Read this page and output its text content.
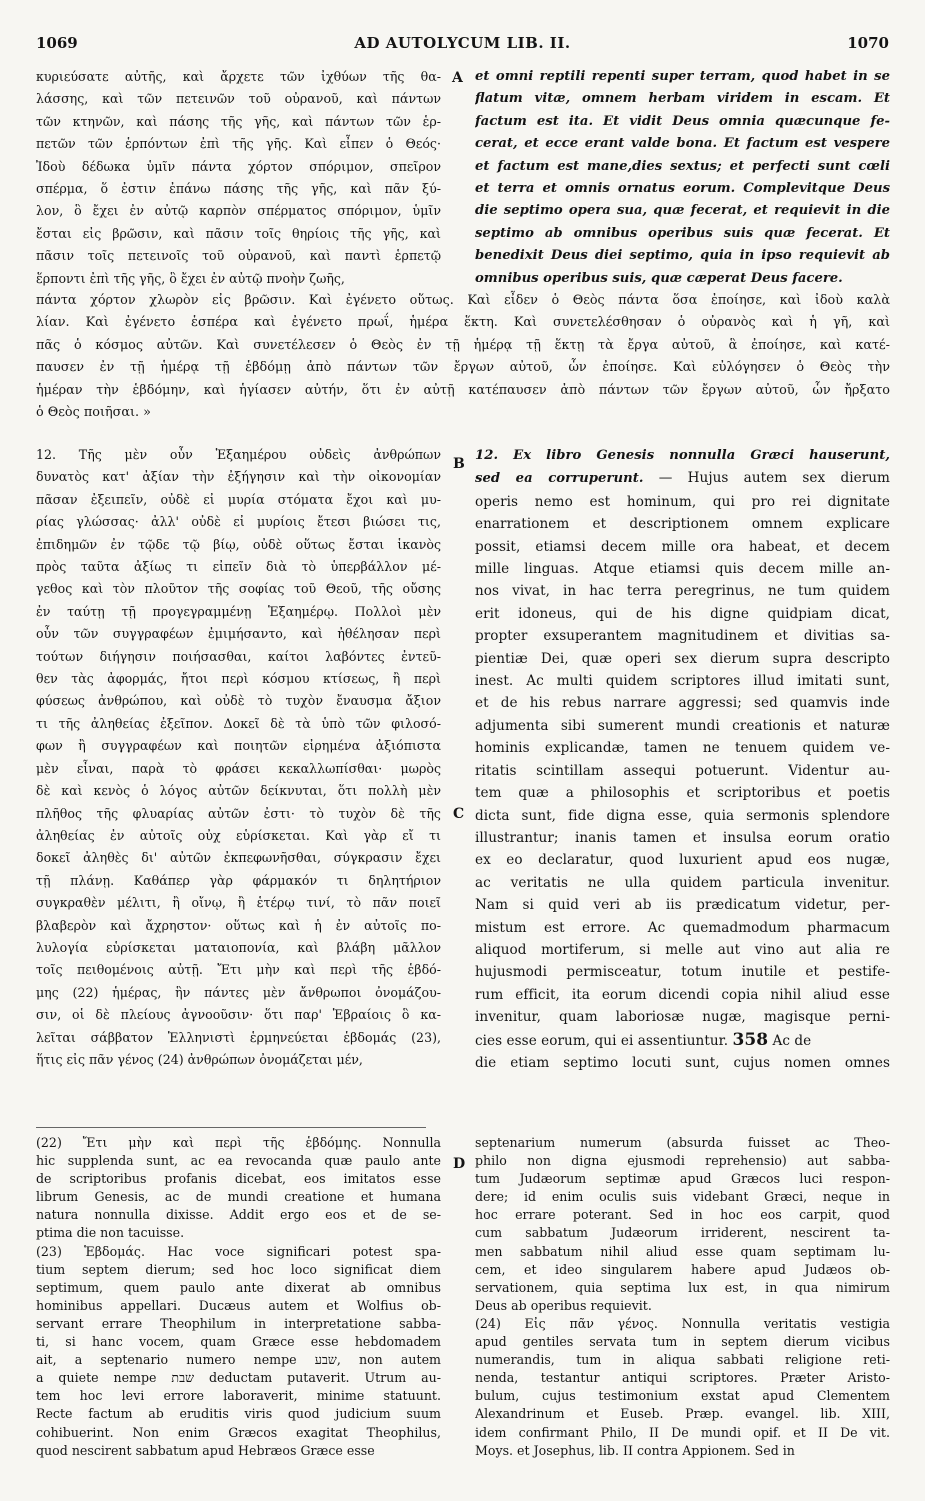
1069	AD AUTOLYCUM LIB. II.	1070
κυριεύσατε αὐτῆς, καὶ ἄρχετε τῶν ἰχθύων τῆς θα-
λάσσης, καὶ τῶν πετεινῶν τοῦ οὐρανοῦ, καὶ πάντων
τῶν κτηνῶν, καὶ πάσης τῆς γῆς, καὶ πάντων τῶν ἑρ-
πετῶν τῶν ἑρπόντων ἐπὶ τῆς γῆς. Καὶ εἶπεν ὁ Θεός·
Ἰδοὺ δέδωκα ὑμῖν πάντα χόρτον σπόριμον, σπεῖρον
σπέρμα, ὅ ἐστιν ἐπάνω πάσης τῆς γῆς, καὶ πᾶν ξύ-
λον, ὃ ἔχει ἐν αὐτῷ καρπὸν σπέρματος σπόριμον, ὑμῖν
ἔσται εἰς βρῶσιν, καὶ πᾶσιν τοῖς θηρίοις τῆς γῆς, καὶ
πᾶσιν τοῖς πετεινοῖς τοῦ οὐρανοῦ, καὶ παντὶ ἑρπετῷ
ἕρποντι ἐπὶ τῆς γῆς, ὃ ἔχει ἐν αὐτῷ πνοὴν ζωῆς,
A et omni reptili repenti super terram, quod habet in se
flatum vitæ, omnem herbam viridem in escam. Et
factum est ita. Et vidit Deus omnia quæcunque fe-
cerat, et ecce erant valde bona. Et factum est vespere
et factum est mane,dies sextus; et perfecti sunt cœli
et terra et omnis ornatus eorum. Complevitque Deus
die septimo opera sua, quæ fecerat, et requievit in die
septimo ab omnibus operibus suis quæ fecerat. Et
benedixit Deus diei septimo, quia in ipso requievit ab
omnibus operibus suis, quæ cæperat Deus facere.
πάντα χόρτον χλωρὸν εἰς βρῶσιν. Καὶ ἐγένετο οὕτως. Καὶ εἶδεν ὁ Θεὸς πάντα ὅσα ἐποίησε, καὶ ἰδοὺ καλὰ
λίαν. Καὶ ἐγένετο ἑσπέρα καὶ ἐγένετο πρωΐ, ἡμέρα ἕκτη. Καὶ συνετελέσθησαν ὁ οὐρανὸς καὶ ἡ γῆ, καὶ
πᾶς ὁ κόσμος αὐτῶν. Καὶ συνετέλεσεν ὁ Θεὸς ἐν τῇ ἡμέρᾳ τῇ ἕκτῃ τὰ ἔργα αὐτοῦ, ἃ ἐποίησε, καὶ κατέ-
παυσεν ἐν τῇ ἡμέρᾳ τῇ ἑβδόμῃ ἀπὸ πάντων τῶν ἔργων αὐτοῦ, ὧν ἐποίησε. Καὶ εὐλόγησεν ὁ Θεὸς τὴν
ἡμέραν τὴν ἑβδόμην, καὶ ἡγίασεν αὐτήν, ὅτι ἐν αὐτῇ κατέπαυσεν ἀπὸ πάντων τῶν ἔργων αὐτοῦ, ὧν ἤρξατο
ὁ Θεὸς ποιῆσαι. »
12. Τῆς μὲν οὖν Ἑξαημέρου οὐδεὶς ἀνθρώπων
δυνατὸς κατ' ἀξίαν τὴν ἐξήγησιν καὶ τὴν οἰκονομίαν
πᾶσαν ἐξειπεῖν, οὐδὲ εἰ μυρία στόματα ἔχοι καὶ μυ-
ρίας γλώσσας· ἀλλ' οὐδὲ εἰ μυρίοις ἔτεσι βιώσει τις,
ἐπιδημῶν ἐν τῷδε τῷ βίῳ, οὐδὲ οὕτως ἔσται ἱκανὸς
πρὸς ταῦτα ἀξίως τι εἰπεῖν διὰ τὸ ὑπερβάλλον μέ-
γεθος καὶ τὸν πλοῦτον τῆς σοφίας τοῦ Θεοῦ, τῆς οὔσης
ἐν ταύτῃ τῇ προγεγραμμένῃ Ἑξαημέρῳ. Πολλοὶ μὲν
οὖν τῶν συγγραφέων ἐμιμήσαντο, καὶ ἠθέλησαν περὶ
τούτων διήγησιν ποιήσασθαι, καίτοι λαβόντες ἐντεῦ-
θεν τὰς ἀφορμάς, ἤτοι περὶ κόσμου κτίσεως, ἢ περὶ
φύσεως ἀνθρώπου, καὶ οὐδὲ τὸ τυχὸν ἔναυσμα ἄξιον
τι τῆς ἀληθείας ἐξεῖπον. Δοκεῖ δὲ τὰ ὑπὸ τῶν φιλοσό-
φων ἢ συγγραφέων καὶ ποιητῶν εἰρημένα ἀξιόπιστα
μὲν εἶναι, παρὰ τὸ φράσει κεκαλλωπίσθαι· μωρὸς
δὲ καὶ κενὸς ὁ λόγος αὐτῶν δείκνυται, ὅτι πολλὴ μὲν
πλῆθος τῆς φλυαρίας αὐτῶν ἐστι· τὸ τυχὸν δὲ τῆς
ἀληθείας ἐν αὐτοῖς οὐχ εὑρίσκεται. Καὶ γὰρ εἴ τι
δοκεῖ ἀληθὲς δι' αὐτῶν ἐκπεφωνῆσθαι, σύγκρασιν ἔχει
τῇ πλάνῃ. Καθάπερ γὰρ φάρμακόν τι δηλητήριον
συγκραθὲν μέλιτι, ἢ οἴνῳ, ἢ ἑτέρῳ τινί, τὸ πᾶν ποιεῖ
βλαβερὸν καὶ ἄχρηστον· οὕτως καὶ ἡ ἐν αὐτοῖς πο-
λυλογία εὑρίσκεται ματαιοπονία, καὶ βλάβη μᾶλλον
τοῖς πειθομένοις αὐτῇ. Ἔτι μὴν καὶ περὶ τῆς ἑβδό-
μης (22) ἡμέρας, ἣν πάντες μὲν ἄνθρωποι ὀνομάζου-
σιν, οἱ δὲ πλείους ἀγνοοῦσιν· ὅτι παρ' Ἑβραίοις ὃ κα-
λεῖται σάββατον Ἑλληνιστὶ ἑρμηνεύεται ἑβδομάς (23),
ἥτις εἰς πᾶν γένος (24) ἀνθρώπων ὀνομάζεται μέν,
B
C
12. Ex libro Genesis nonnulla Græci hauserunt,
sed ea corruperunt. — Hujus autem sex dierum
operis nemo est hominum, qui pro rei dignitate
enarrationem et descriptionem omnem explicare
possit, etiamsi decem mille ora habeat, et decem
mille linguas. Atque etiamsi quis decem mille an-
nos vivat, in hac terra peregrinus, ne tum quidem
erit idoneus, qui de his digne quidpiam dicat,
propter exsuperantem magnitudinem et divitias sa-
pientiæ Dei, quæ operi sex dierum supra descripto
inest. Ac multi quidem scriptores illud imitati sunt,
et de his rebus narrare aggressi; sed quamvis inde
adjumenta sibi sumerent mundi creationis et naturæ
hominis explicandæ, tamen ne tenuem quidem ve-
ritatis scintillam assequi potuerunt. Videntur au-
tem quæ a philosophis et scriptoribus et poetis
dicta sunt, fide digna esse, quia sermonis splendore
illustrantur; inanis tamen et insulsa eorum oratio
ex eo declaratur, quod luxurient apud eos nugæ,
ac veritatis ne ulla quidem particula invenitur.
Nam si quid veri ab iis prædicatum videtur, per-
mistum est errore. Ac quemadmodum pharmacum
aliquod mortiferum, si melle aut vino aut alia re
hujusmodi permisceatur, totum inutile et pestife-
rum efficit, ita eorum dicendi copia nihil aliud esse
invenitur, quam laboriosæ nugæ, magisque perni-
cies esse eorum, qui ei assentiuntur. 358 Ac de
die etiam septimo locuti sunt, cujus nomen omnes
(22) Ἔτι μὴν καὶ περὶ τῆς ἑβδόμης. Nonnulla
hic supplenda sunt, ac ea revocanda quæ paulo ante
de scriptoribus profanis dicebat, eos imitatos esse
librum Genesis, ac de mundi creatione et humana
natura nonnulla dixisse. Addit ergo eos et de se-
ptima die non tacuisse.
(23) Ἑβδομάς. Hac voce significari potest spa-
tium septem dierum; sed hoc loco significat diem
septimum, quem paulo ante dixerat ab omnibus
hominibus appellari. Ducæus autem et Wolfius ob-
servant errare Theophilum in interpretatione sabba-
ti, si hanc vocem, quam Græce esse hebdomadem
ait, a septenario numero nempe שבע, non autem
a quiete nempe שבת deductam putaverit. Utrum au-
tem hoc levi errore laboraverit, minime statuunt.
Recte factum ab eruditis viris quod judicium suum
cohibuerint. Non enim Græcos exagitat Theophilus,
quod nescirent sabbatum apud Hebræos Græce esse
D
septenarium numerum (absurda fuisset ac Theo-
philo non digna ejusmodi reprehensio) aut sabba-
tum Judæorum septimæ apud Græcos luci respon-
dere; id enim oculis suis videbant Græci, neque in
hoc errare poterant. Sed in hoc eos carpit, quod
cum sabbatum Judæorum irriderent, nescirent ta-
men sabbatum nihil aliud esse quam septimam lu-
cem, et ideo singularem habere apud Judæos ob-
servationem, quia septima lux est, in qua nimirum
Deus ab operibus requievit.
(24) Εἰς πᾶν γένος. Nonnulla veritatis vestigia
apud gentiles servata tum in septem dierum vicibus
numerandis, tum in aliqua sabbati religione reti-
nenda, testantur antiqui scriptores. Præter Aristo-
bulum, cujus testimonium exstat apud Clementem
Alexandrinum et Euseb. Præp. evangel. lib. XIII,
idem confirmant Philo, II De mundi opif. et II De vit.
Moys. et Josephus, lib. II contra Appionem. Sed in
